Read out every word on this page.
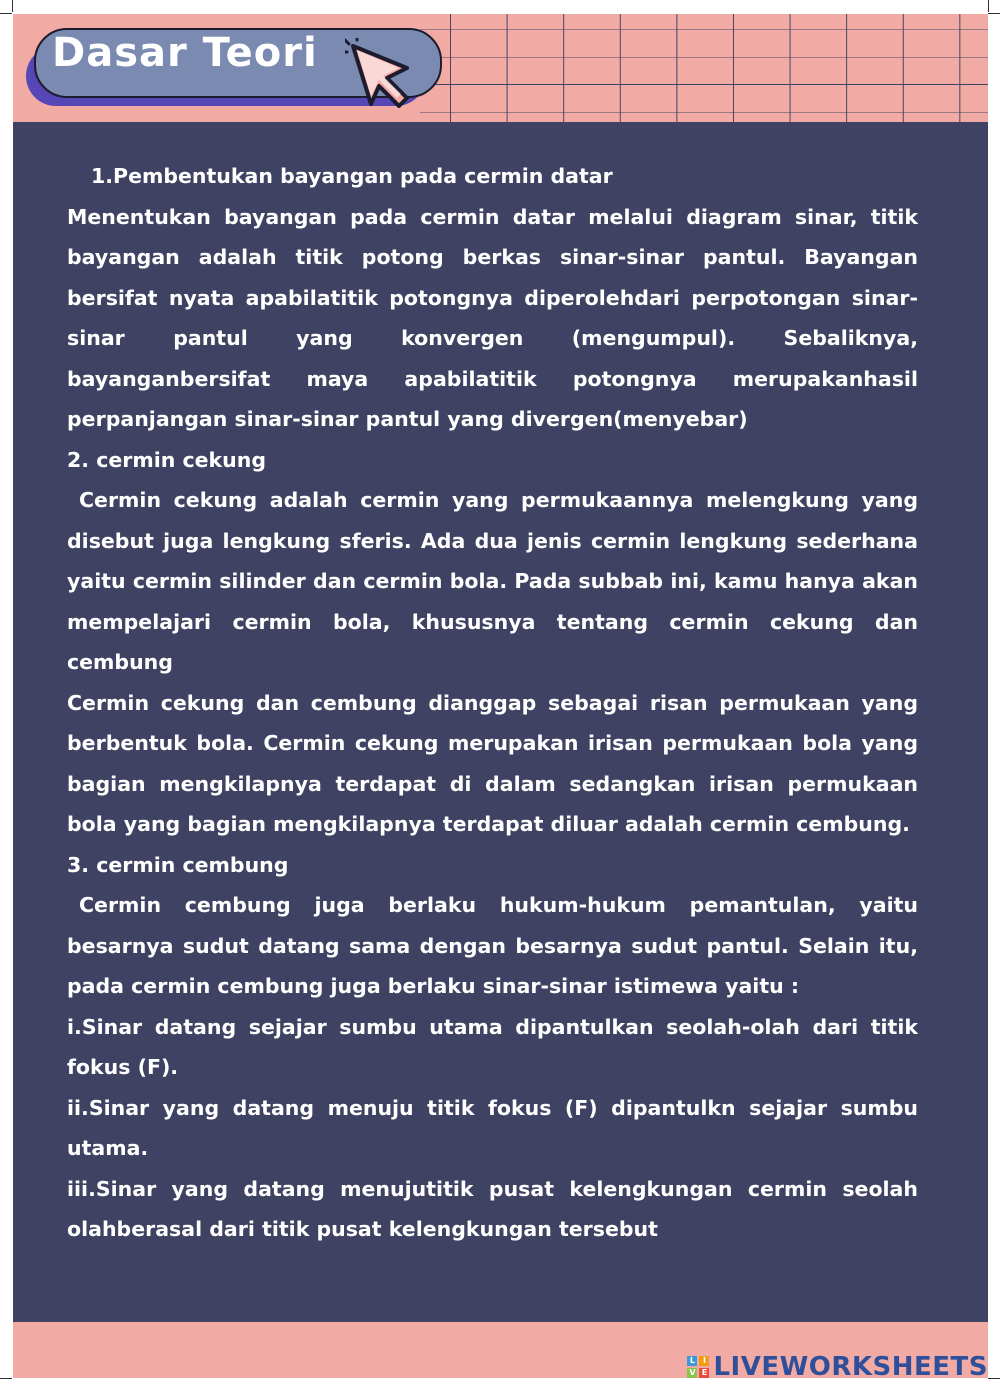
Dasar Teori

1.Pembentukan bayangan pada cermin datar

Menentukan bayangan pada cermin datar melalui diagram sinar, titik bayangan adalah titik potong berkas sinar-sinar pantul. Bayangan bersifat nyata apabilatitik potongnya diperolehdari perpotongan sinar-sinar pantul yang konvergen (mengumpul). Sebaliknya, bayanganbersifat maya apabilatitik potongnya merupakanhasil perpanjangan sinar-sinar pantul yang divergen(menyebar)

2. cermin cekung

Cermin cekung adalah cermin yang permukaannya melengkung yang disebut juga lengkung sferis. Ada dua jenis cermin lengkung sederhana yaitu cermin silinder dan cermin bola. Pada subbab ini, kamu hanya akan mempelajari cermin bola, khususnya tentang cermin cekung dan cembung

Cermin cekung dan cembung dianggap sebagai risan permukaan yang berbentuk bola. Cermin cekung merupakan irisan permukaan bola yang bagian mengkilapnya terdapat di dalam sedangkan irisan permukaan bola yang bagian mengkilapnya terdapat diluar adalah cermin cembung.

3. cermin cembung

Cermin cembung juga berlaku hukum-hukum pemantulan, yaitu besarnya sudut datang sama dengan besarnya sudut pantul. Selain itu, pada cermin cembung juga berlaku sinar-sinar istimewa yaitu :

i.Sinar datang sejajar sumbu utama dipantulkan seolah-olah dari titik fokus (F).

ii.Sinar yang datang menuju titik fokus (F) dipantulkn sejajar sumbu utama.

iii.Sinar yang datang menujutitik pusat kelengkungan cermin seolah olahberasal dari titik pusat kelengkungan tersebut

L I
V E LIVEWORKSHEETS
